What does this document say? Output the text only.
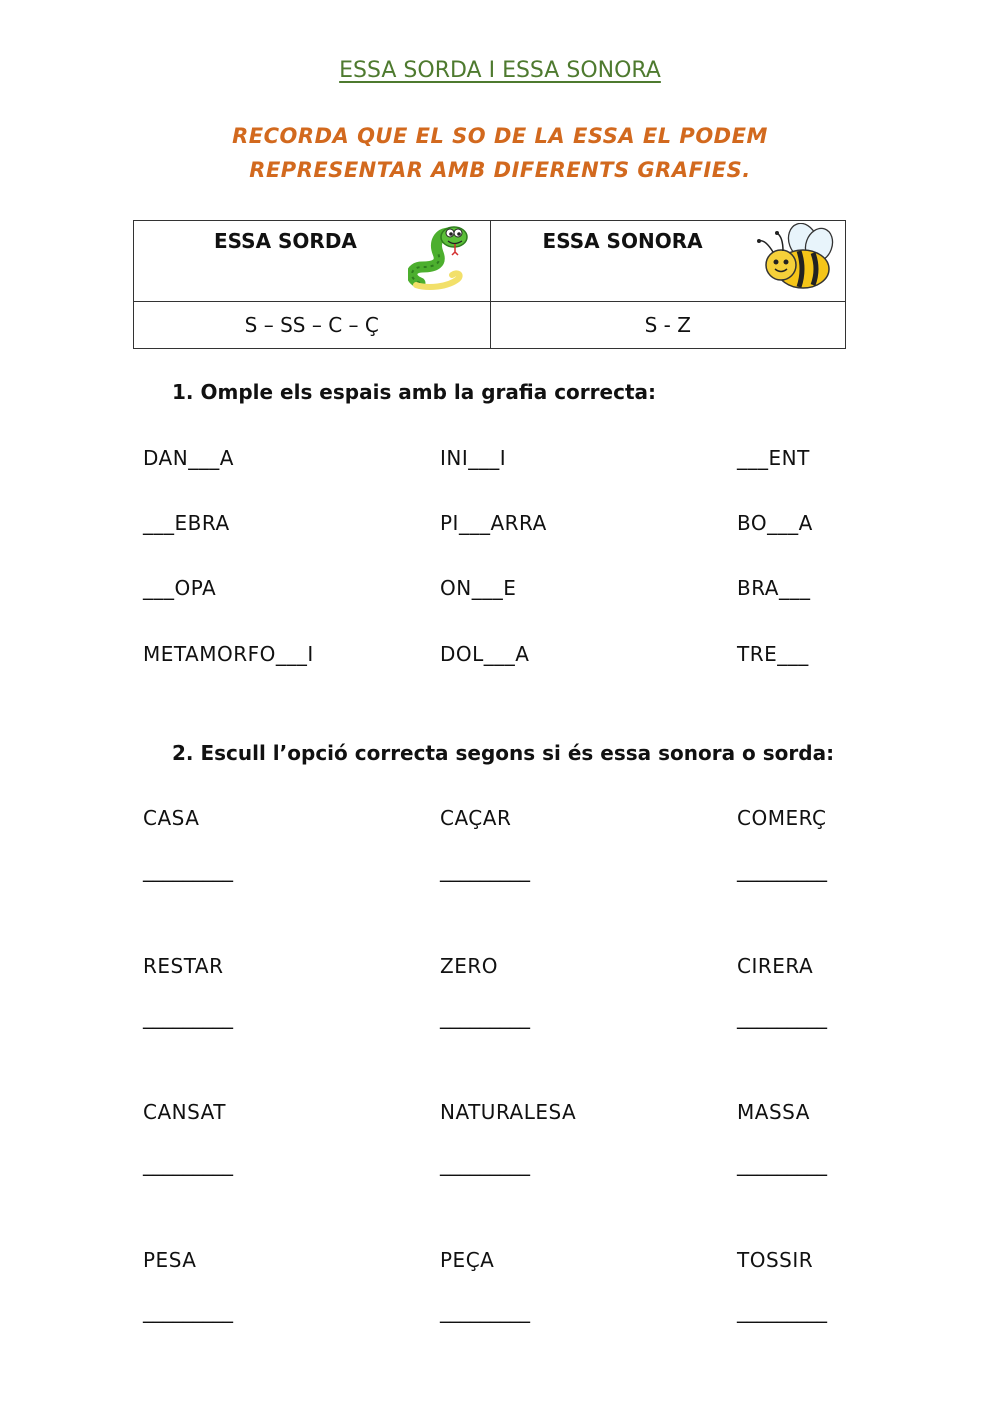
ESSA SORDA I ESSA SONORA
RECORDA QUE EL SO DE LA ESSA EL PODEM
REPRESENTAR AMB DIFERENTS GRAFIES.
ESSA SORDA	ESSA SONORA

S – SS – C – Ç	S - Z
1. Omple els espais amb la grafia correcta:
DAN___A	INI___I	___ENT
___EBRA	PI___ARRA	BO___A
___OPA	ON___E	BRA___
METAMORFO___I	DOL___A	TRE___
2. Escull l’opció correcta segons si és essa sonora o sorda:
CASA	CAÇAR	COMERÇ
_________	_________	_________
RESTAR	ZERO	CIRERA
_________	_________	_________
CANSAT	NATURALESA	MASSA
_________	_________	_________
PESA	PEÇA	TOSSIR
_________	_________	_________
